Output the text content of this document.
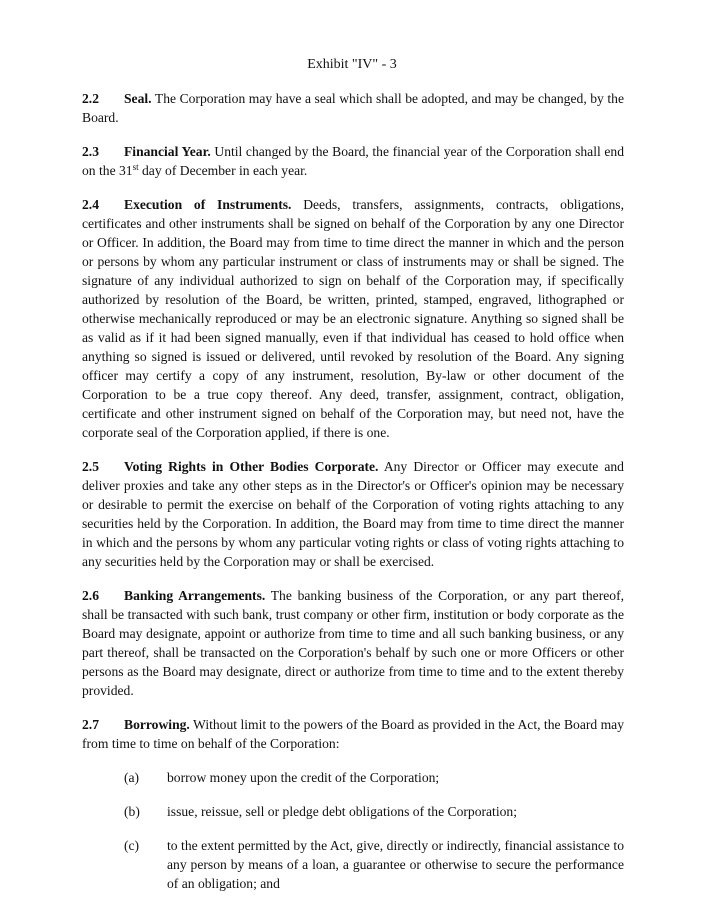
Exhibit "IV" - 3

2.2 Seal. The Corporation may have a seal which shall be adopted, and may be changed, by the Board.

2.3 Financial Year. Until changed by the Board, the financial year of the Corporation shall end on the 31st day of December in each year.

2.4 Execution of Instruments. Deeds, transfers, assignments, contracts, obligations, certificates and other instruments shall be signed on behalf of the Corporation by any one Director or Officer. In addition, the Board may from time to time direct the manner in which and the person or persons by whom any particular instrument or class of instruments may or shall be signed. The signature of any individual authorized to sign on behalf of the Corporation may, if specifically authorized by resolution of the Board, be written, printed, stamped, engraved, lithographed or otherwise mechanically reproduced or may be an electronic signature. Anything so signed shall be as valid as if it had been signed manually, even if that individual has ceased to hold office when anything so signed is issued or delivered, until revoked by resolution of the Board. Any signing officer may certify a copy of any instrument, resolution, By-law or other document of the Corporation to be a true copy thereof. Any deed, transfer, assignment, contract, obligation, certificate and other instrument signed on behalf of the Corporation may, but need not, have the corporate seal of the Corporation applied, if there is one.

2.5 Voting Rights in Other Bodies Corporate. Any Director or Officer may execute and deliver proxies and take any other steps as in the Director's or Officer's opinion may be necessary or desirable to permit the exercise on behalf of the Corporation of voting rights attaching to any securities held by the Corporation. In addition, the Board may from time to time direct the manner in which and the persons by whom any particular voting rights or class of voting rights attaching to any securities held by the Corporation may or shall be exercised.

2.6 Banking Arrangements. The banking business of the Corporation, or any part thereof, shall be transacted with such bank, trust company or other firm, institution or body corporate as the Board may designate, appoint or authorize from time to time and all such banking business, or any part thereof, shall be transacted on the Corporation's behalf by such one or more Officers or other persons as the Board may designate, direct or authorize from time to time and to the extent thereby provided.

2.7 Borrowing. Without limit to the powers of the Board as provided in the Act, the Board may from time to time on behalf of the Corporation:

(a) borrow money upon the credit of the Corporation;
(b) issue, reissue, sell or pledge debt obligations of the Corporation;
(c) to the extent permitted by the Act, give, directly or indirectly, financial assistance to any person by means of a loan, a guarantee or otherwise to secure the performance of an obligation; and
